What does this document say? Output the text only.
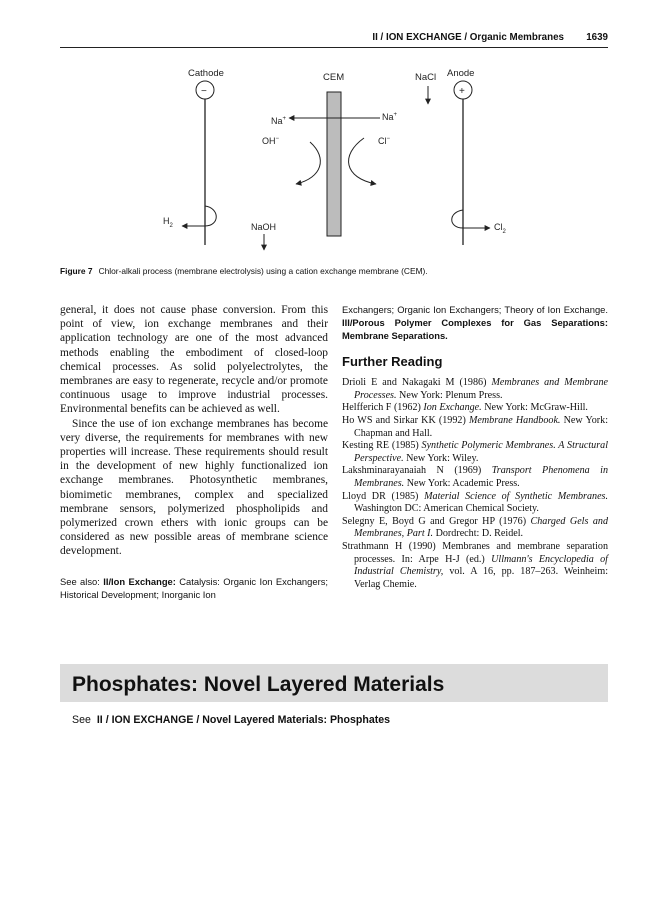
II / ION EXCHANGE / Organic Membranes 1639
Cathode
−
Anode
+
NaCl
CEM
Na+	Na+
OH−	Cl−
$H_2$	NaOH	$Cl_2$
Figure 7 Chlor-alkali process (membrane electrolysis) using a cation exchange membrane (CEM).

general, it does not cause phase conversion. From this point of view, ion exchange membranes and their application technology are one of the most advanced methods enabling the embodiment of closed-loop chemical processes. As solid polyelectrolytes, the membranes are easy to regenerate, recycle and/or promote continuous usage to improve industrial processes. Environmental benefits can be achieved as well.

Since the use of ion exchange membranes has become very diverse, the requirements for membranes with new properties will increase. These requirements should result in the development of new highly functionalized ion exchange membranes. Photosynthetic membranes, biomimetic membranes, complex and specialized membrane sensors, polymerized phospholipids and polymerized crown ethers with ionic groups can be considered as new possible areas of membrane science development.

See also: II/Ion Exchange: Catalysis: Organic Ion Exchangers; Historical Development; Inorganic Ion
Exchangers; Organic Ion Exchangers; Theory of Ion Exchange. III/Porous Polymer Complexes for Gas Separations: Membrane Separations.
Further Reading
Drioli E and Nakagaki M (1986) Membranes and Membrane Processes. New York: Plenum Press.
Helfferich F (1962) Ion Exchange. New York: McGraw-Hill.
Ho WS and Sirkar KK (1992) Membrane Handbook. New York: Chapman and Hall.
Kesting RE (1985) Synthetic Polymeric Membranes. A Structural Perspective. New York: Wiley.
Lakshminarayanaiah N (1969) Transport Phenomena in Membranes. New York: Academic Press.
Lloyd DR (1985) Material Science of Synthetic Membranes. Washington DC: American Chemical Society.
Selegny E, Boyd G and Gregor HP (1976) Charged Gels and Membranes, Part I. Dordrecht: D. Reidel.
Strathmann H (1990) Membranes and membrane separation processes. In: Arpe H-J (ed.) Ullmann's Encyclopedia of Industrial Chemistry, vol. A 16, pp. 187–263. Weinheim: Verlag Chemie.
Phosphates: Novel Layered Materials
See II / ION EXCHANGE / Novel Layered Materials: Phosphates
